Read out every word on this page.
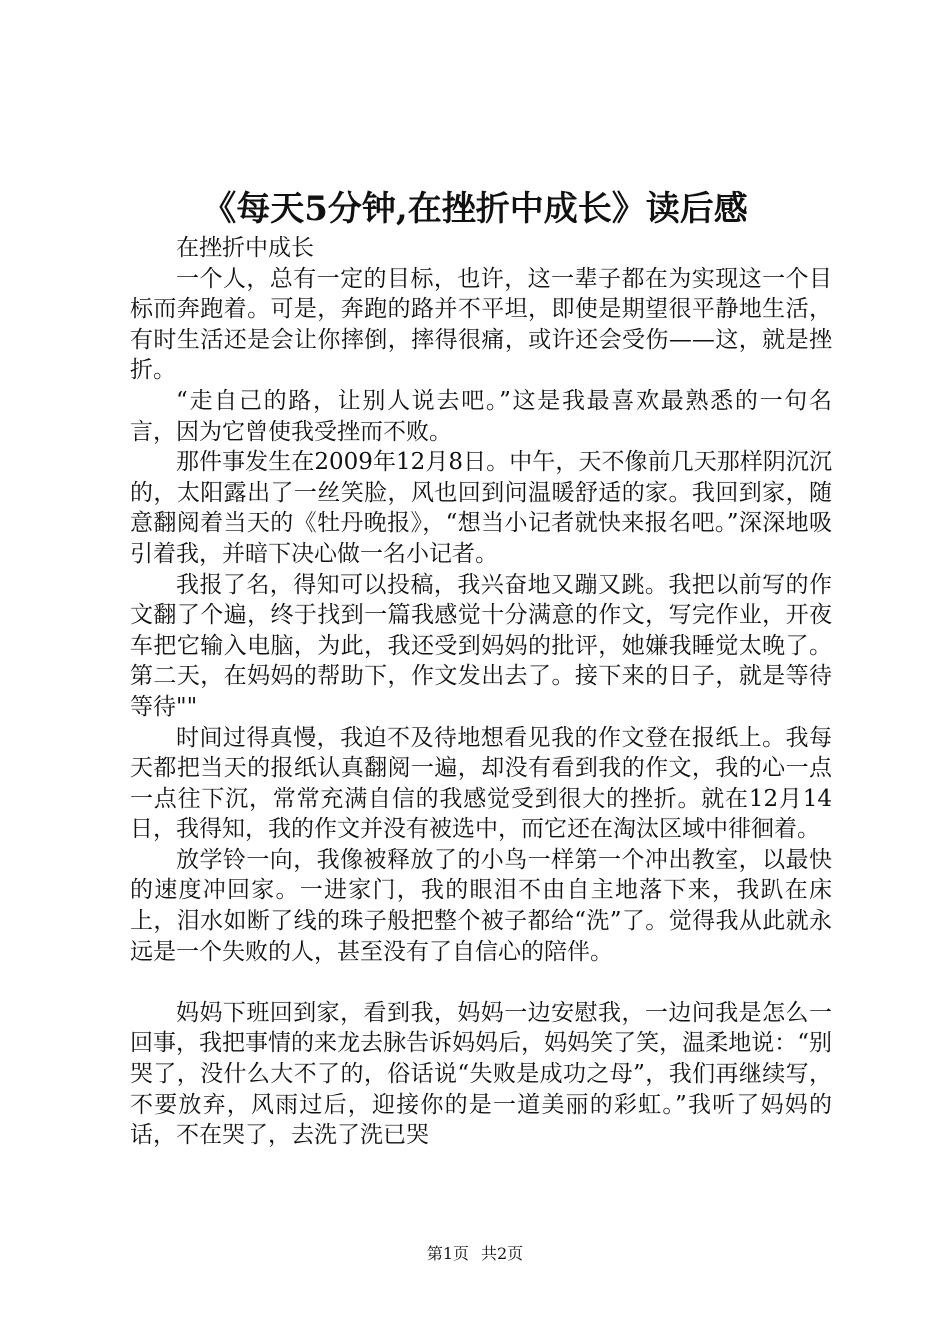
《每天5分钟,在挫折中成长》读后感

在挫折中成长

一个人，总有一定的目标，也许，这一辈子都在为实现这一个目标而奔跑着。可是，奔跑的路并不平坦，即使是期望很平静地生活，有时生活还是会让你摔倒，摔得很痛，或许还会受伤——这，就是挫折。

“走自己的路，让别人说去吧。”这是我最喜欢最熟悉的一句名言，因为它曾使我受挫而不败。

那件事发生在2009年12月8日。中午，天不像前几天那样阴沉沉的，太阳露出了一丝笑脸，风也回到问温暖舒适的家。我回到家，随意翻阅着当天的《牡丹晚报》，“想当小记者就快来报名吧。”深深地吸引着我，并暗下决心做一名小记者。

我报了名，得知可以投稿，我兴奋地又蹦又跳。我把以前写的作文翻了个遍，终于找到一篇我感觉十分满意的作文，写完作业，开夜车把它输入电脑，为此，我还受到妈妈的批评，她嫌我睡觉太晚了。第二天，在妈妈的帮助下，作文发出去了。接下来的日子，就是等待等待""

时间过得真慢，我迫不及待地想看见我的作文登在报纸上。我每天都把当天的报纸认真翻阅一遍，却没有看到我的作文，我的心一点一点往下沉，常常充满自信的我感觉受到很大的挫折。就在12月14日，我得知，我的作文并没有被选中，而它还在淘汰区域中徘徊着。

放学铃一向，我像被释放了的小鸟一样第一个冲出教室，以最快的速度冲回家。一进家门，我的眼泪不由自主地落下来，我趴在床上，泪水如断了线的珠子般把整个被子都给“洗”了。觉得我从此就永远是一个失败的人，甚至没有了自信心的陪伴。

妈妈下班回到家，看到我，妈妈一边安慰我，一边问我是怎么一回事，我把事情的来龙去脉告诉妈妈后，妈妈笑了笑，温柔地说：“别哭了，没什么大不了的，俗话说“失败是成功之母”，我们再继续写，不要放弃，风雨过后，迎接你的是一道美丽的彩虹。”我听了妈妈的话，不在哭了，去洗了洗已哭

第1页 共2页
